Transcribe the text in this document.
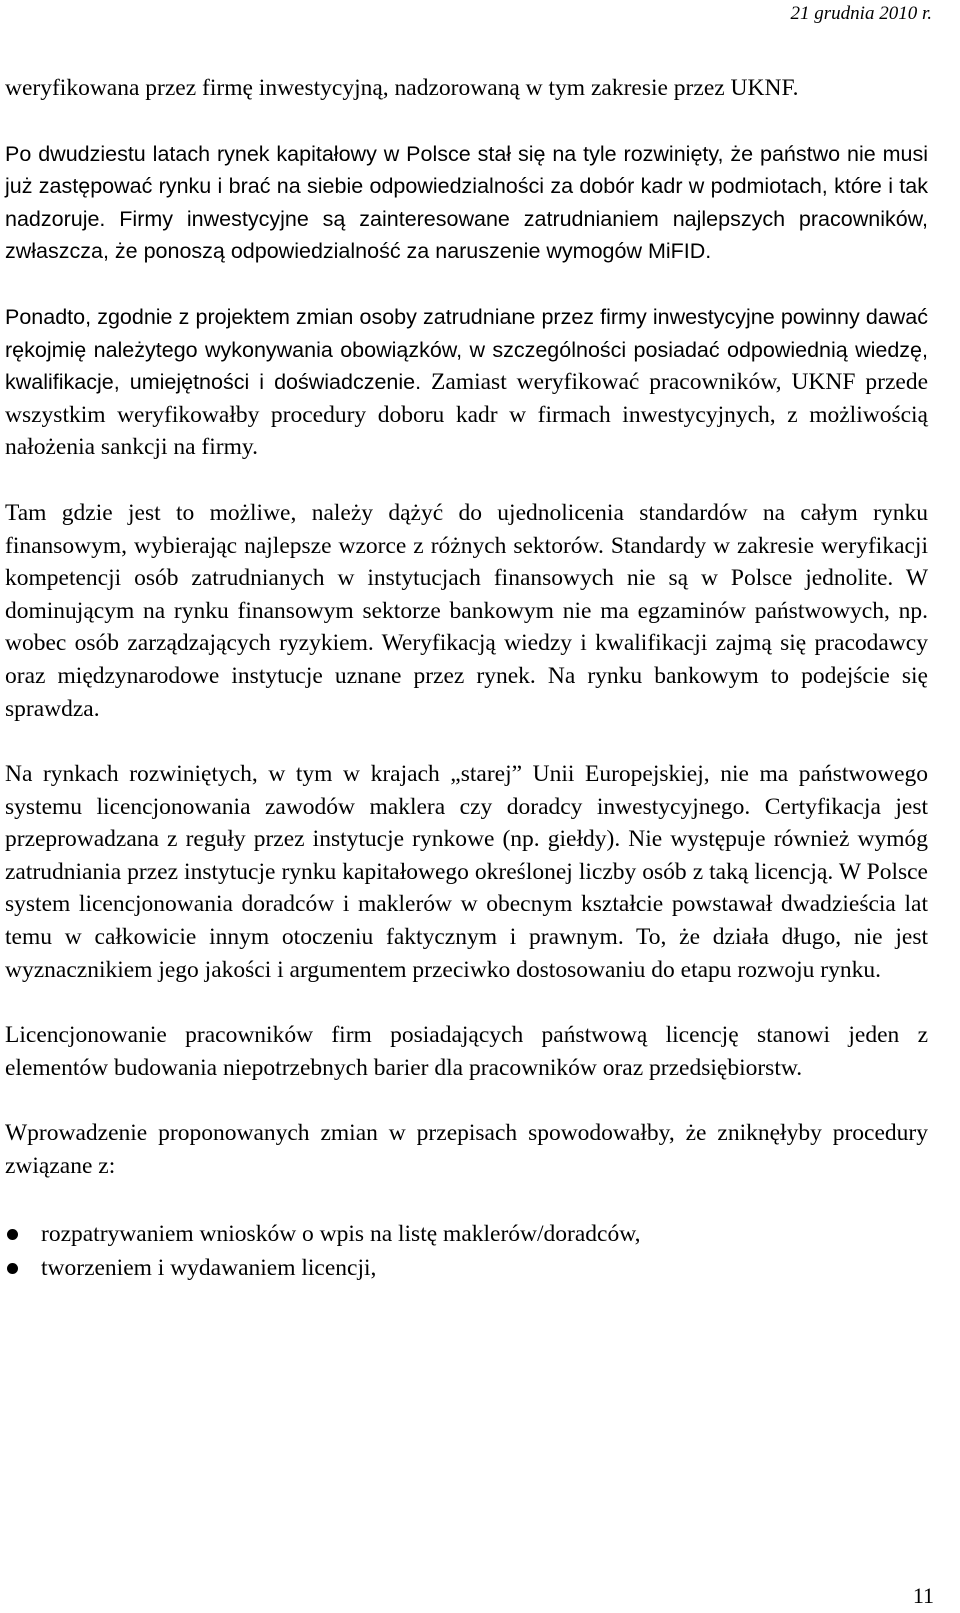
21 grudnia 2010 r.

weryfikowana przez firmę inwestycyjną, nadzorowaną w tym zakresie przez UKNF.

Po dwudziestu latach rynek kapitałowy w Polsce stał się na tyle rozwinięty, że państwo nie musi już zastępować rynku i brać na siebie odpowiedzialności za dobór kadr w podmiotach, które i tak nadzoruje. Firmy inwestycyjne są zainteresowane zatrudnianiem najlepszych pracowników, zwłaszcza, że ponoszą odpowiedzialność za naruszenie wymogów MiFID.

Ponadto, zgodnie z projektem zmian osoby zatrudniane przez firmy inwestycyjne powinny dawać rękojmię należytego wykonywania obowiązków, w szczególności posiadać odpowiednią wiedzę, kwalifikacje, umiejętności i doświadczenie. Zamiast weryfikować pracowników, UKNF przede wszystkim weryfikowałby procedury doboru kadr w firmach inwestycyjnych, z możliwością nałożenia sankcji na firmy.

Tam gdzie jest to możliwe, należy dążyć do ujednolicenia standardów na całym rynku finansowym, wybierając najlepsze wzorce z różnych sektorów. Standardy w zakresie weryfikacji kompetencji osób zatrudnianych w instytucjach finansowych nie są w Polsce jednolite. W dominującym na rynku finansowym sektorze bankowym nie ma egzaminów państwowych, np. wobec osób zarządzających ryzykiem. Weryfikacją wiedzy i kwalifikacji zajmą się pracodawcy oraz międzynarodowe instytucje uznane przez rynek. Na rynku bankowym to podejście się sprawdza.

Na rynkach rozwiniętych, w tym w krajach „starej” Unii Europejskiej, nie ma państwowego systemu licencjonowania zawodów maklera czy doradcy inwestycyjnego. Certyfikacja jest przeprowadzana z reguły przez instytucje rynkowe (np. giełdy). Nie występuje również wymóg zatrudniania przez instytucje rynku kapitałowego określonej liczby osób z taką licencją. W Polsce system licencjonowania doradców i maklerów w obecnym kształcie powstawał dwadzieścia lat temu w całkowicie innym otoczeniu faktycznym i prawnym. To, że działa długo, nie jest wyznacznikiem jego jakości i argumentem przeciwko dostosowaniu do etapu rozwoju rynku.

Licencjonowanie pracowników firm posiadających państwową licencję stanowi jeden z elementów budowania niepotrzebnych barier dla pracowników oraz przedsiębiorstw.

Wprowadzenie proponowanych zmian w przepisach spowodowałby, że zniknęłyby procedury związane z:

rozpatrywaniem wniosków o wpis na listę maklerów/doradców,
tworzeniem i wydawaniem licencji,
11
